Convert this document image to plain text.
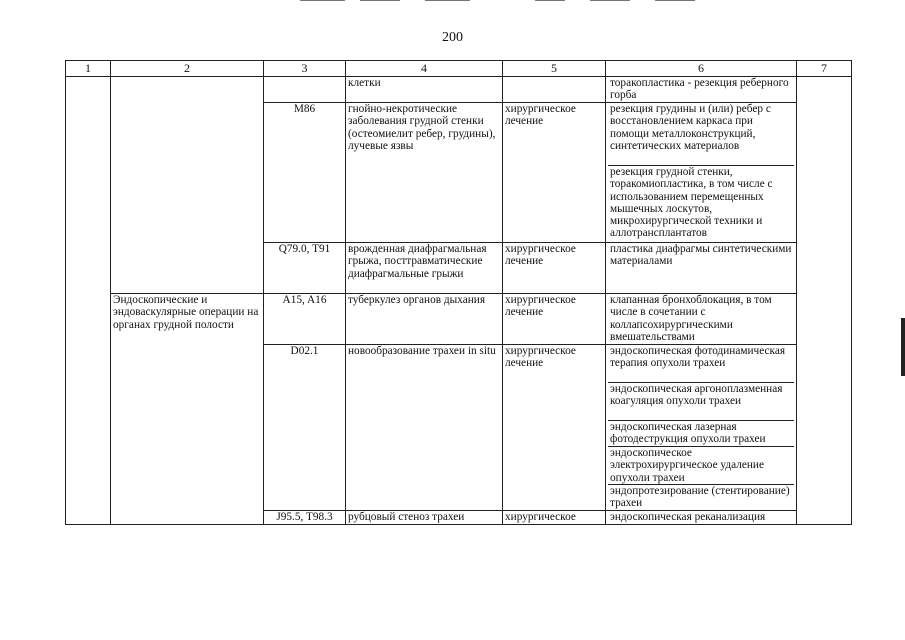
200
1	2	3	4	5	6	7
			клетки		торакопластика - резекция реберного горба	

		M86	гнойно-некротические заболевания грудной стенки (остеомиелит ребер, грудины), лучевые язвы	хирургическое лечение	резекция грудины и (или) ребер с восстановлением каркаса при помощи металлоконструкций, синтетических материалов
резекция грудной стенки, торакомиопластика, в том числе с использованием перемещенных мышечных лоскутов, микрохирургической техники и аллотрансплантатов	

		Q79.0, T91	врожденная диафрагмальная грыжа, посттравматические диафрагмальные грыжи	хирургическое лечение	пластика диафрагмы синтетическими материалами	

	Эндоскопические и эндоваскулярные операции на органах грудной полости	A15, A16	туберкулез органов дыхания	хирургическое лечение	клапанная бронхоблокация, в том числе в сочетании с коллапсохирургическими вмешательствами	

		D02.1	новообразование трахеи in situ	хирургическое лечение	эндоскопическая фотодинамическая терапия опухоли трахеи
эндоскопическая аргоноплазменная коагуляция опухоли трахеи
эндоскопическая лазерная фотодеструкция опухоли трахеи
эндоскопическое электрохирургическое удаление опухоли трахеи
эндопротезирование (стентирование) трахеи	

		J95.5, T98.3	рубцовый стеноз трахеи	хирургическое	эндоскопическая реканализация	
